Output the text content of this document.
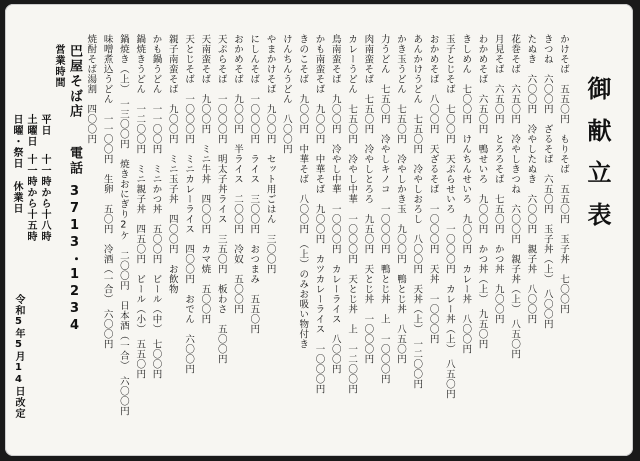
御献立表
かけそば　五五〇円　もりそば　五五〇円　玉子丼　七〇〇円
きつね　六〇〇円　ざるそば　六五〇円　玉子丼（上）　八〇〇円
たぬき　六〇〇円　冷やしたぬき　六〇〇円　親子丼　八〇〇円
花巻そば　六五〇円　冷やしきつね　六〇〇円　親子丼（上）　八五〇円
月見そば　六五〇円　とろろそば　七五〇円　かつ丼　九〇〇円
わかめそば　六五〇円　鴨せいろ　九〇〇円　かつ丼（上）　九五〇円
きしめん　七〇〇円　けんちんせいろ　九〇〇円　カレー丼　八〇〇円
玉子とじそば　七〇〇円　天ぷらせいろ　一〇〇〇円　カレー丼（上）　八五〇円
おかめそば　八〇〇円　天ざるそば　一〇〇〇円　天丼　一〇〇〇円
あんかけうどん　七五〇円　冷やしおろし　八〇〇円　天丼（上）　一二〇〇円
かき玉うどん　七五〇円　冷やしかき玉　九〇〇円　鴨とじ丼　八五〇円
力うどん　七五〇円　冷やしキノコ　一〇〇〇円　鴨とじ丼　上　一〇〇〇円
肉南蛮そば　七五〇円　冷やしとろろ　九五〇円　天とじ丼　一〇〇〇円
カレーうどん　七五〇円　冷やし中華　一〇〇〇円　天とじ丼　上　一二〇〇円
鳥南蛮そば　九〇〇円　冷やし中華　一〇〇〇円　カレーライス　八〇〇円
かも南蛮そば　九〇〇円　中華そば　九〇〇円　カツカレーライス　一〇〇〇円
きのこそば　九〇〇円　中華そば　八〇〇円　（上）のみお吸い物付き
けんちんうどん　八〇〇円
やまかけそば　九〇〇円　セット用ごはん　三〇〇円
にしんそば　一〇〇〇円　ライス　三〇〇円　おつまみ　五五〇円
おかめそば　九〇〇円　半ライス　二〇〇円　冷奴　五〇〇円
天ぷらそば　一〇〇〇円　明太子丼ライス　三五〇円　板わさ　五〇〇円
天南蛮そば　九〇〇円　ミニ牛丼　四〇〇円　カマ焼　五〇〇円
天とじそば　一〇〇〇円　ミニカレーライス　四〇〇円　おでん　六〇〇円
親子南蛮そば　九〇〇円　ミニ玉子丼　四〇〇円　お飲物
かも鍋うどん　一一〇〇円　ミニかつ丼　五〇〇円　ビール（中）　七〇〇円
鍋焼きうどん　一二〇〇円　ミニ親子丼　四五〇円　ビール（小）　五五〇円
鍋焼き（上）　一三〇〇円　焼きおにぎり2ケ　二〇〇円　日本酒（一合）　六〇〇円
味噌煮込うどん　一一〇〇円　生卵　五〇円　冷酒（一合）　六〇〇円
焼酎そば湯割　四〇〇円
巴屋そば店
電話
3713・1234
営業時間
平日
十一時から十八時
土曜日
十一時から十五時
日曜・祭日 休業日
令和5年5月14日改定
